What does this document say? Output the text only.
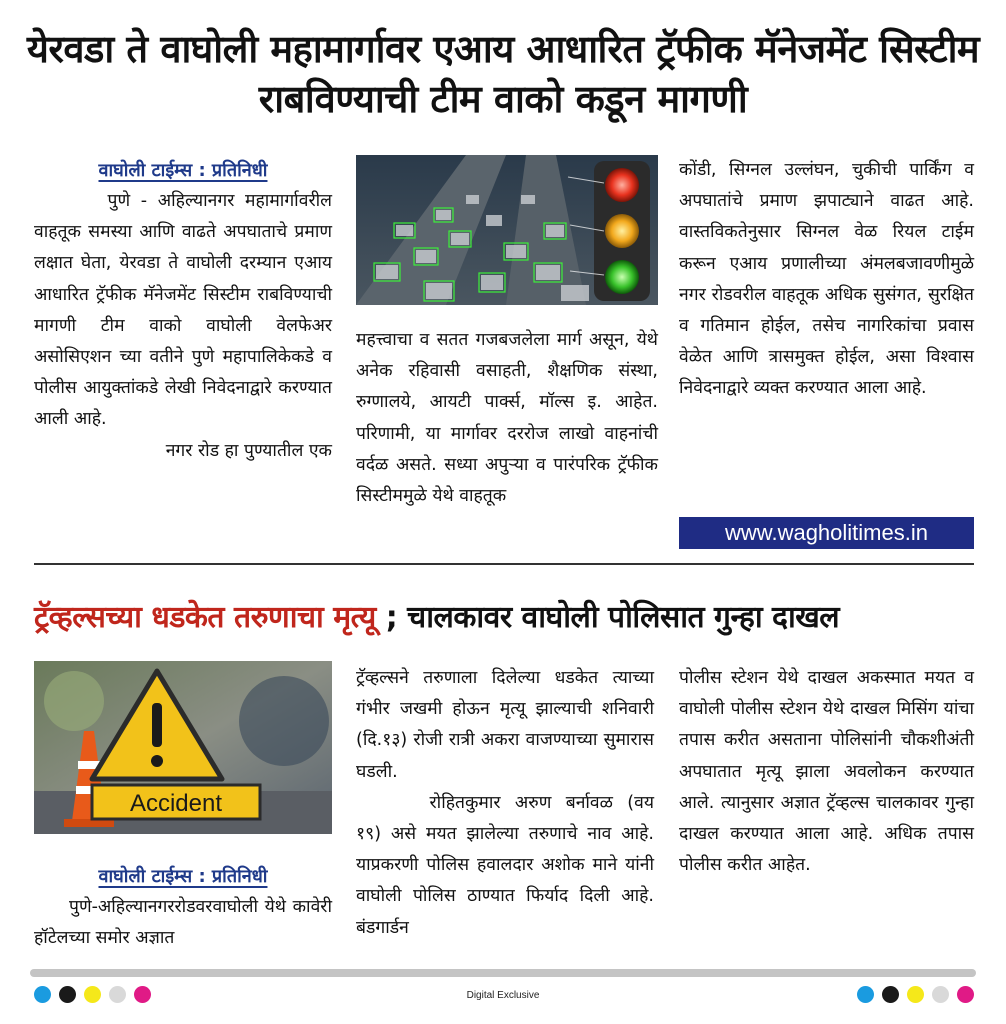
येरवडा ते वाघोली महामार्गावर एआय आधारित ट्रॅफीक मॅनेजमेंट सिस्टीम राबविण्याची टीम वाको कडून मागणी
वाघोली टाईम्स : प्रतिनिधी

पुणे - अहिल्यानगर महामार्गावरील वाहतूक समस्या आणि वाढते अपघाताचे प्रमाण लक्षात घेता, येरवडा ते वाघोली दरम्यान एआय आधारित ट्रॅफीक मॅनेजमेंट सिस्टीम राबविण्याची मागणी टीम वाको वाघोली वेलफेअर असोसिएशन च्या वतीने पुणे महापालिकेकडे व पोलीस आयुक्तांकडे लेखी निवेदनाद्वारे करण्यात आली आहे.

नगर रोड हा पुण्यातील एक

महत्त्वाचा व सतत गजबजलेला मार्ग असून, येथे अनेक रहिवासी वसाहती, शैक्षणिक संस्था, रुग्णालये, आयटी पार्क्स, मॉल्स इ. आहेत. परिणामी, या मार्गावर दररोज लाखो वाहनांची वर्दळ असते. सध्या अपुऱ्या व पारंपरिक ट्रॅफीक सिस्टीममुळे येथे वाहतूक

कोंडी, सिग्नल उल्लंघन, चुकीची पार्किंग व अपघातांचे प्रमाण झपाट्याने वाढत आहे. वास्तविकतेनुसार सिग्नल वेळ रियल टाईम करून एआय प्रणालीच्या अंमलबजावणीमुळे नगर रोडवरील वाहतूक अधिक सुसंगत, सुरक्षित व गतिमान होईल, तसेच नागरिकांचा प्रवास वेळेत आणि त्रासमुक्त होईल, असा विश्वास निवेदनाद्वारे व्यक्त करण्यात आला आहे.

www.wagholitimes.in
ट्रॅव्हल्सच्या धडकेत तरुणाचा मृत्यू ; चालकावर वाघोली पोलिसात गुन्हा दाखल
Accident
वाघोली टाईम्स : प्रतिनिधी

पुणे-अहिल्यानगररोडवरवाघोली येथे कावेरी हॉटेलच्या समोर अज्ञात

ट्रॅव्हल्सने तरुणाला दिलेल्या धडकेत त्याच्या गंभीर जखमी होऊन मृत्यू झाल्याची शनिवारी (दि.१३) रोजी रात्री अकरा वाजण्याच्या सुमारास घडली.

रोहितकुमार अरुण बर्नावळ (वय १९) असे मयत झालेल्या तरुणाचे नाव आहे. याप्रकरणी पोलिस हवालदार अशोक माने यांनी वाघोली पोलिस ठाण्यात फिर्याद दिली आहे. बंडगार्डन

पोलीस स्टेशन येथे दाखल अकस्मात मयत व वाघोली पोलीस स्टेशन येथे दाखल मिसिंग यांचा तपास करीत असताना पोलिसांनी चौकशीअंती अपघातात मृत्यू झाला अवलोकन करण्यात आले. त्यानुसार अज्ञात ट्रॅव्हल्स चालकावर गुन्हा दाखल करण्यात आला आहे. अधिक तपास पोलीस करीत आहेत.

Digital Exclusive
